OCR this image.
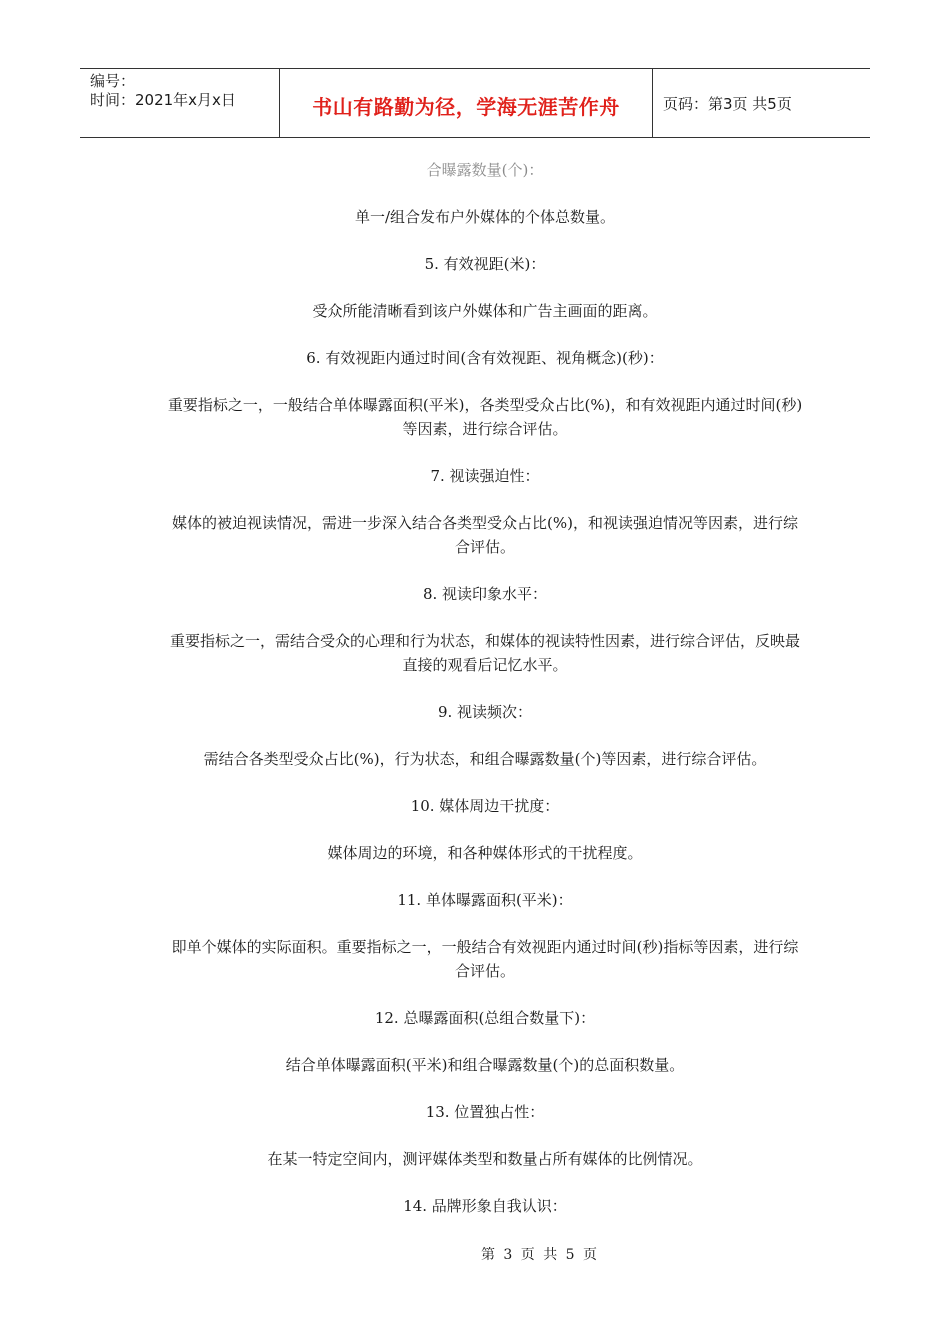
编号：
时间：2021年x月x日	书山有路勤为径，学海无涯苦作舟	页码：第3页 共5页
合曝露数量(个)：

单一/组合发布户外媒体的个体总数量。

5. 有效视距(米)：

受众所能清晰看到该户外媒体和广告主画面的距离。

6. 有效视距内通过时间(含有效视距、视角概念)(秒)：

重要指标之一，一般结合单体曝露面积(平米)，各类型受众占比(%)，和有效视距内通过时间(秒)等因素，进行综合评估。

7. 视读强迫性：

媒体的被迫视读情况，需进一步深入结合各类型受众占比(%)，和视读强迫情况等因素，进行综合评估。

8. 视读印象水平：

重要指标之一，需结合受众的心理和行为状态，和媒体的视读特性因素，进行综合评估，反映最直接的观看后记忆水平。

9. 视读频次：

需结合各类型受众占比(%)，行为状态，和组合曝露数量(个)等因素，进行综合评估。

10. 媒体周边干扰度：

媒体周边的环境，和各种媒体形式的干扰程度。

11. 单体曝露面积(平米)：

即单个媒体的实际面积。重要指标之一，一般结合有效视距内通过时间(秒)指标等因素，进行综合评估。

12. 总曝露面积(总组合数量下)：

结合单体曝露面积(平米)和组合曝露数量(个)的总面积数量。

13. 位置独占性：

在某一特定空间内，测评媒体类型和数量占所有媒体的比例情况。

14. 品牌形象自我认识：

第 3 页 共 5 页
